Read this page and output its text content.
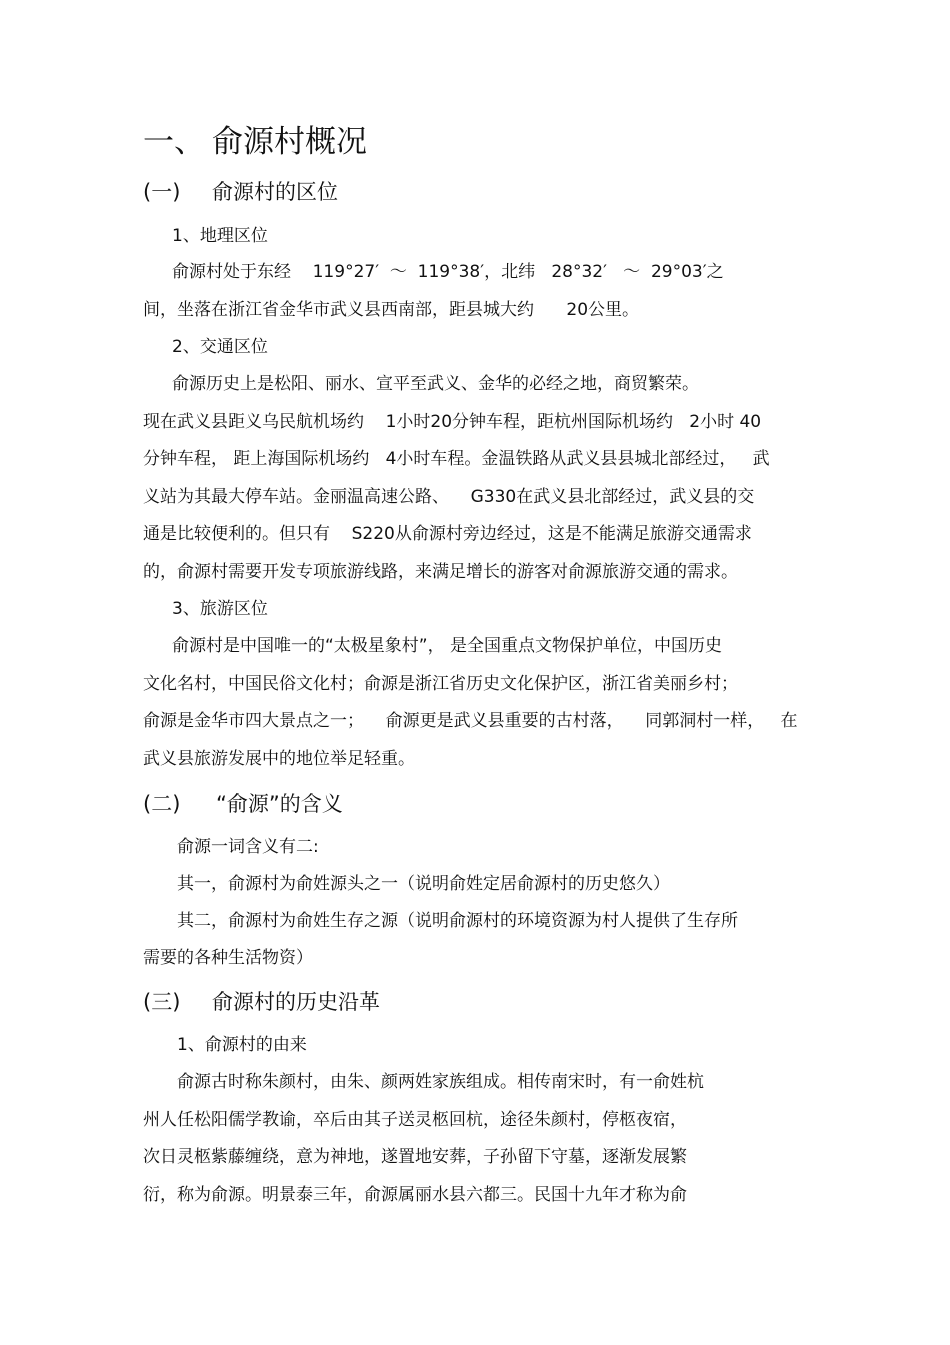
一、 俞源村概况
(一) 俞源村的区位
1、地理区位
俞源村处于东经    119°27′  ～  119°38′，北纬   28°32′   ～  29°03′之
间，坐落在浙江省金华市武义县西南部，距县城大约      20公里。
2、交通区位
俞源历史上是松阳、丽水、宣平至武义、金华的必经之地，商贸繁荣。
现在武义县距义乌民航机场约    1小时20分钟车程，距杭州国际机场约   2小时 40
分钟车程， 距上海国际机场约   4小时车程。金温铁路从武义县县城北部经过，   武
义站为其最大停车站。金丽温高速公路、    G330在武义县北部经过，武义县的交
通是比较便利的。但只有    S220从俞源村旁边经过，这是不能满足旅游交通需求
的，俞源村需要开发专项旅游线路，来满足增长的游客对俞源旅游交通的需求。
3、旅游区位
俞源村是中国唯一的“太极星象村”， 是全国重点文物保护单位，中国历史
文化名村，中国民俗文化村；俞源是浙江省历史文化保护区，浙江省美丽乡村；
俞源是金华市四大景点之一；    俞源更是武义县重要的古村落，    同郭洞村一样，   在
武义县旅游发展中的地位举足轻重。
(二) “俞源”的含义
俞源一词含义有二:
其一，俞源村为俞姓源头之一（说明俞姓定居俞源村的历史悠久）
其二，俞源村为俞姓生存之源（说明俞源村的环境资源为村人提供了生存所
需要的各种生活物资）
(三) 俞源村的历史沿革
1、俞源村的由来
俞源古时称朱颜村，由朱、颜两姓家族组成。相传南宋时，有一俞姓杭
州人任松阳儒学教谕，卒后由其子送灵柩回杭，途径朱颜村，停柩夜宿，
次日灵柩紫藤缠绕，意为神地，遂置地安葬，子孙留下守墓，逐渐发展繁
衍，称为俞源。明景泰三年，俞源属丽水县六都三。民国十九年才称为俞
